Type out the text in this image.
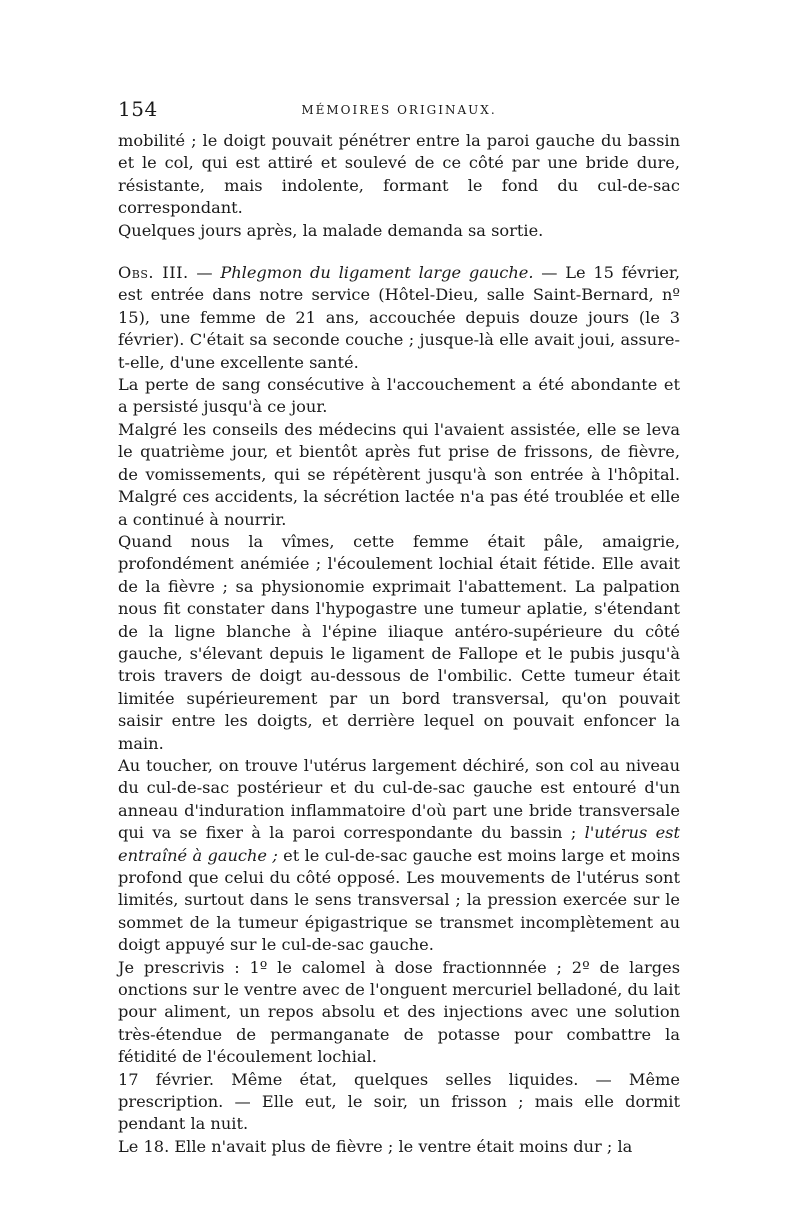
154	MÉMOIRES ORIGINAUX.

mobilité ; le doigt pouvait pénétrer entre la paroi gauche du bassin et le col, qui est attiré et soulevé de ce côté par une bride dure, résistante, mais indolente, formant le fond du cul-de-sac correspondant.

Quelques jours après, la malade demanda sa sortie.

Obs. III. — Phlegmon du ligament large gauche. — Le 15 février, est entrée dans notre service (Hôtel-Dieu, salle Saint-Bernard, nº 15), une femme de 21 ans, accouchée depuis douze jours (le 3 février). C'était sa seconde couche ; jusque-là elle avait joui, assure-t-elle, d'une excellente santé.

La perte de sang consécutive à l'accouchement a été abondante et a persisté jusqu'à ce jour.

Malgré les conseils des médecins qui l'avaient assistée, elle se leva le quatrième jour, et bientôt après fut prise de frissons, de fièvre, de vomissements, qui se répétèrent jusqu'à son entrée à l'hôpital. Malgré ces accidents, la sécrétion lactée n'a pas été troublée et elle a continué à nourrir.

Quand nous la vîmes, cette femme était pâle, amaigrie, profondément anémiée ; l'écoulement lochial était fétide. Elle avait de la fièvre ; sa physionomie exprimait l'abattement. La palpation nous fit constater dans l'hypogastre une tumeur aplatie, s'étendant de la ligne blanche à l'épine iliaque antéro-supérieure du côté gauche, s'élevant depuis le ligament de Fallope et le pubis jusqu'à trois travers de doigt au-dessous de l'ombilic. Cette tumeur était limitée supérieurement par un bord transversal, qu'on pouvait saisir entre les doigts, et derrière lequel on pouvait enfoncer la main.

Au toucher, on trouve l'utérus largement déchiré, son col au niveau du cul-de-sac postérieur et du cul-de-sac gauche est entouré d'un anneau d'induration inflammatoire d'où part une bride transversale qui va se fixer à la paroi correspondante du bassin ; l'utérus est entraîné à gauche ; et le cul-de-sac gauche est moins large et moins profond que celui du côté opposé. Les mouvements de l'utérus sont limités, surtout dans le sens transversal ; la pression exercée sur le sommet de la tumeur épigastrique se transmet incomplètement au doigt appuyé sur le cul-de-sac gauche.

Je prescrivis : 1º le calomel à dose fractionnnée ; 2º de larges onctions sur le ventre avec de l'onguent mercuriel belladoné, du lait pour aliment, un repos absolu et des injections avec une solution très-étendue de permanganate de potasse pour combattre la fétidité de l'écoulement lochial.

17 février. Même état, quelques selles liquides. — Même prescription. — Elle eut, le soir, un frisson ; mais elle dormit pendant la nuit.

Le 18. Elle n'avait plus de fièvre ; le ventre était moins dur ; la
